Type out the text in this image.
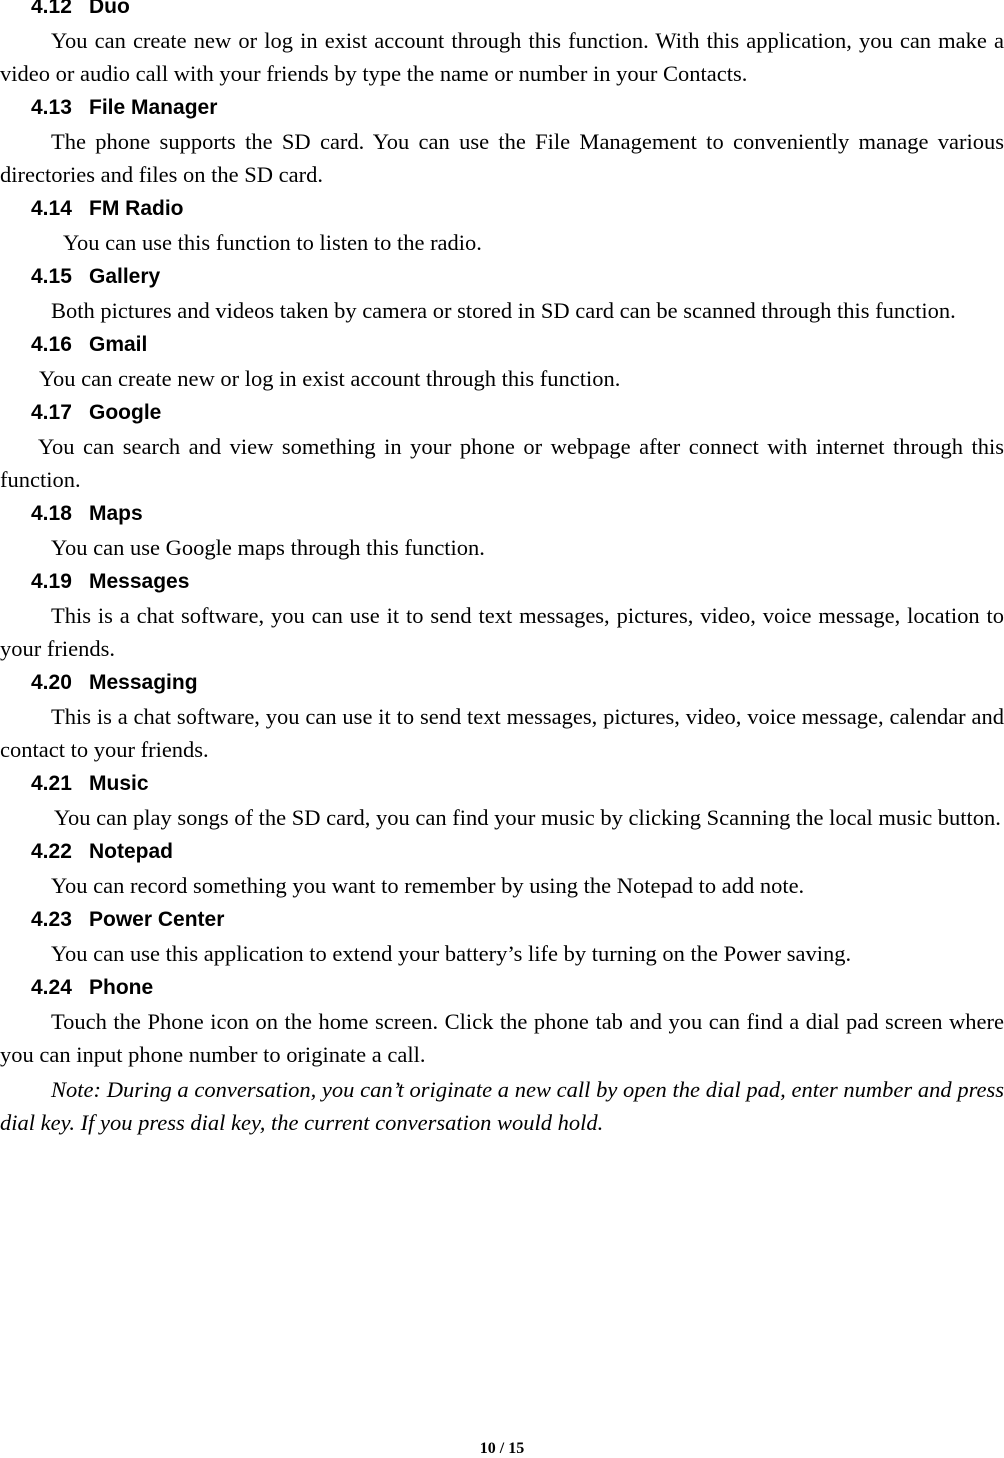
4.12 Duo

You can create new or log in exist account through this function. With this application, you can make a video or audio call with your friends by type the name or number in your Contacts.

4.13 File Manager

The phone supports the SD card. You can use the File Management to conveniently manage various directories and files on the SD card.

4.14 FM Radio

You can use this function to listen to the radio.

4.15 Gallery

Both pictures and videos taken by camera or stored in SD card can be scanned through this function.

4.16 Gmail

You can create new or log in exist account through this function.

4.17 Google

You can search and view something in your phone or webpage after connect with internet through this function.

4.18 Maps

You can use Google maps through this function.

4.19 Messages

This is a chat software, you can use it to send text messages, pictures, video, voice message, location to your friends.

4.20 Messaging

This is a chat software, you can use it to send text messages, pictures, video, voice message, calendar and contact to your friends.

4.21 Music

You can play songs of the SD card, you can find your music by clicking Scanning the local music button.

4.22 Notepad

You can record something you want to remember by using the Notepad to add note.

4.23 Power Center

You can use this application to extend your battery’s life by turning on the Power saving.

4.24 Phone

Touch the Phone icon on the home screen. Click the phone tab and you can find a dial pad screen where you can input phone number to originate a call.

Note: During a conversation, you can’t originate a new call by open the dial pad, enter number and press dial key. If you press dial key, the current conversation would hold.

10 / 15
